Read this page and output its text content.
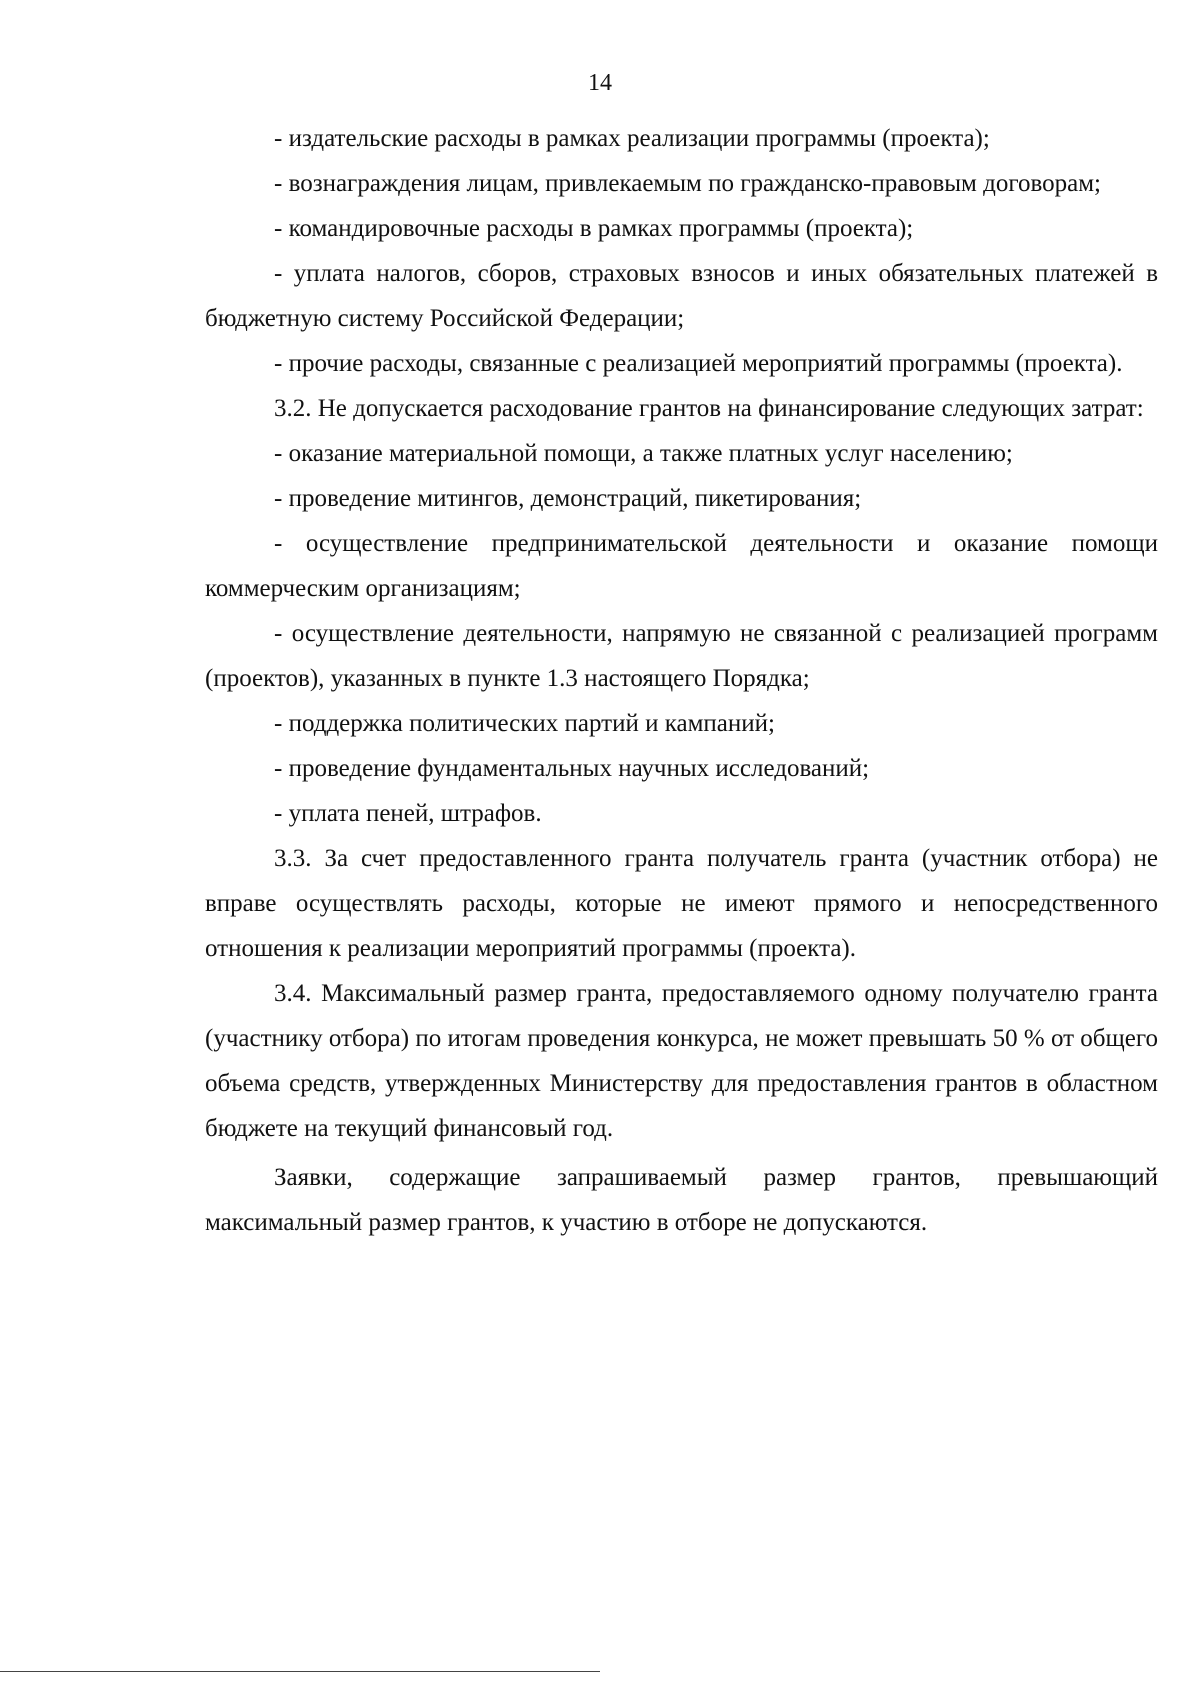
14

- издательские расходы в рамках реализации программы (проекта);

- вознаграждения лицам, привлекаемым по гражданско-правовым договорам;

- командировочные расходы в рамках программы (проекта);

- уплата налогов, сборов, страховых взносов и иных обязательных платежей в бюджетную систему Российской Федерации;

- прочие расходы, связанные с реализацией мероприятий программы (проекта).

3.2. Не допускается расходование грантов на финансирование следующих затрат:

- оказание материальной помощи, а также платных услуг населению;

- проведение митингов, демонстраций, пикетирования;

- осуществление предпринимательской деятельности и оказание помощи коммерческим организациям;

- осуществление деятельности, напрямую не связанной с реализацией программ (проектов), указанных в пункте 1.3 настоящего Порядка;

- поддержка политических партий и кампаний;

- проведение фундаментальных научных исследований;

- уплата пеней, штрафов.

3.3. За счет предоставленного гранта получатель гранта (участник отбора) не вправе осуществлять расходы, которые не имеют прямого и непосредственного отношения к реализации мероприятий программы (проекта).

3.4. Максимальный размер гранта, предоставляемого одному получателю гранта (участнику отбора) по итогам проведения конкурса, не может превышать 50 % от общего объема средств, утвержденных Министерству для предоставления грантов в областном бюджете на текущий финансовый год.

Заявки, содержащие запрашиваемый размер грантов, превышающий максимальный размер грантов, к участию в отборе не допускаются.
